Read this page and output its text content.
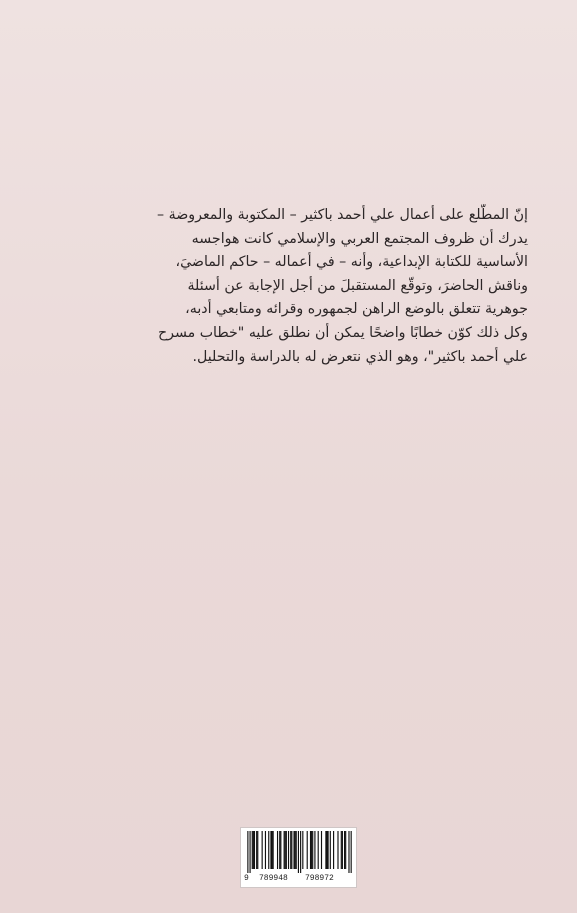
إنّ المطّلع على أعمال علي أحمد باكثير – المكتوبة والمعروضة –
يدرك أن ظروف المجتمع العربي والإسلامي كانت هواجسه
الأساسية للكتابة الإبداعية، وأنه – في أعماله – حاكم الماضيَ،
وناقش الحاضرَ، وتوقّع المستقبلَ من أجل الإجابة عن أسئلة
جوهرية تتعلق بالوضع الراهن لجمهوره وقرائه ومتابعي أدبه،
وكل ذلك كوّن خطابًا واضحًا يمكن أن نطلق عليه "خطاب مسرح
علي أحمد باكثير"، وهو الذي نتعرض له بالدراسة والتحليل.
9 789948 798972
